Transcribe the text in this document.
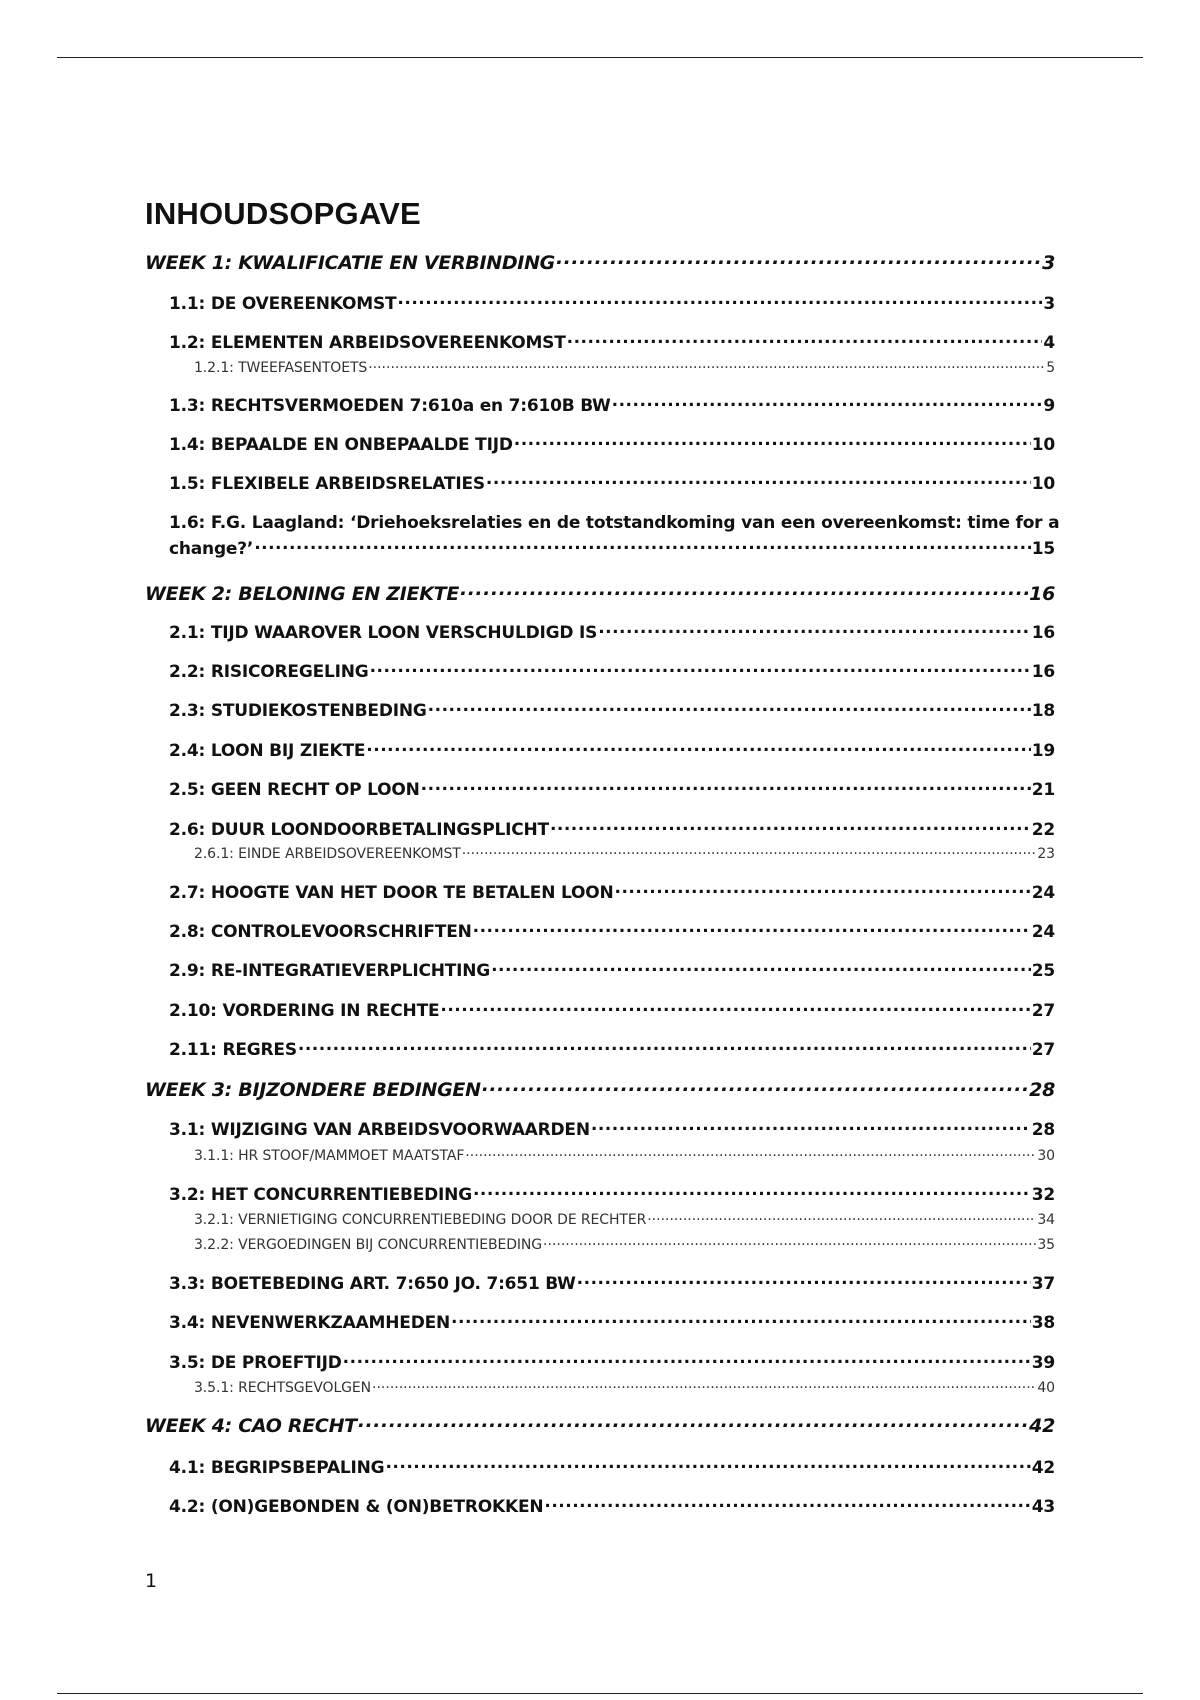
INHOUDSOPGAVE
WEEK 1: KWALIFICATIE EN VERBINDING .....	3
1.1: DE OVEREENKOMST .....	3
1.2: ELEMENTEN ARBEIDSOVEREENKOMST .....	4
1.2.1: TWEEFASENTOETS .....	5
1.3: RECHTSVERMOEDEN 7:610a en 7:610B BW .....	9
1.4: BEPAALDE EN ONBEPAALDE TIJD .....	10
1.5: FLEXIBELE ARBEIDSRELATIES .....	10
1.6: F.G. Laagland: ‘Driehoeksrelaties en de totstandkoming van een overeenkomst: time for a
change?’ .....	15
WEEK 2: BELONING EN ZIEKTE .....	16
2.1: TIJD WAAROVER LOON VERSCHULDIGD IS .....	16
2.2: RISICOREGELING .....	16
2.3: STUDIEKOSTENBEDING .....	18
2.4: LOON BIJ ZIEKTE .....	19
2.5: GEEN RECHT OP LOON .....	21
2.6: DUUR LOONDOORBETALINGSPLICHT .....	22
2.6.1: EINDE ARBEIDSOVEREENKOMST .....	23
2.7: HOOGTE VAN HET DOOR TE BETALEN LOON .....	24
2.8: CONTROLEVOORSCHRIFTEN .....	24
2.9: RE-INTEGRATIEVERPLICHTING .....	25
2.10: VORDERING IN RECHTE .....	27
2.11: REGRES .....	27
WEEK 3: BIJZONDERE BEDINGEN .....	28
3.1: WIJZIGING VAN ARBEIDSVOORWAARDEN .....	28
3.1.1: HR STOOF/MAMMOET MAATSTAF .....	30
3.2: HET CONCURRENTIEBEDING .....	32
3.2.1: VERNIETIGING CONCURRENTIEBEDING DOOR DE RECHTER .....	34
3.2.2: VERGOEDINGEN BIJ CONCURRENTIEBEDING .....	35
3.3: BOETEBEDING ART. 7:650 JO. 7:651 BW .....	37
3.4: NEVENWERKZAAMHEDEN .....	38
3.5: DE PROEFTIJD .....	39
3.5.1: RECHTSGEVOLGEN .....	40
WEEK 4: CAO RECHT .....	42
4.1: BEGRIPSBEPALING .....	42
4.2: (ON)GEBONDEN & (ON)BETROKKEN .....	43
1
